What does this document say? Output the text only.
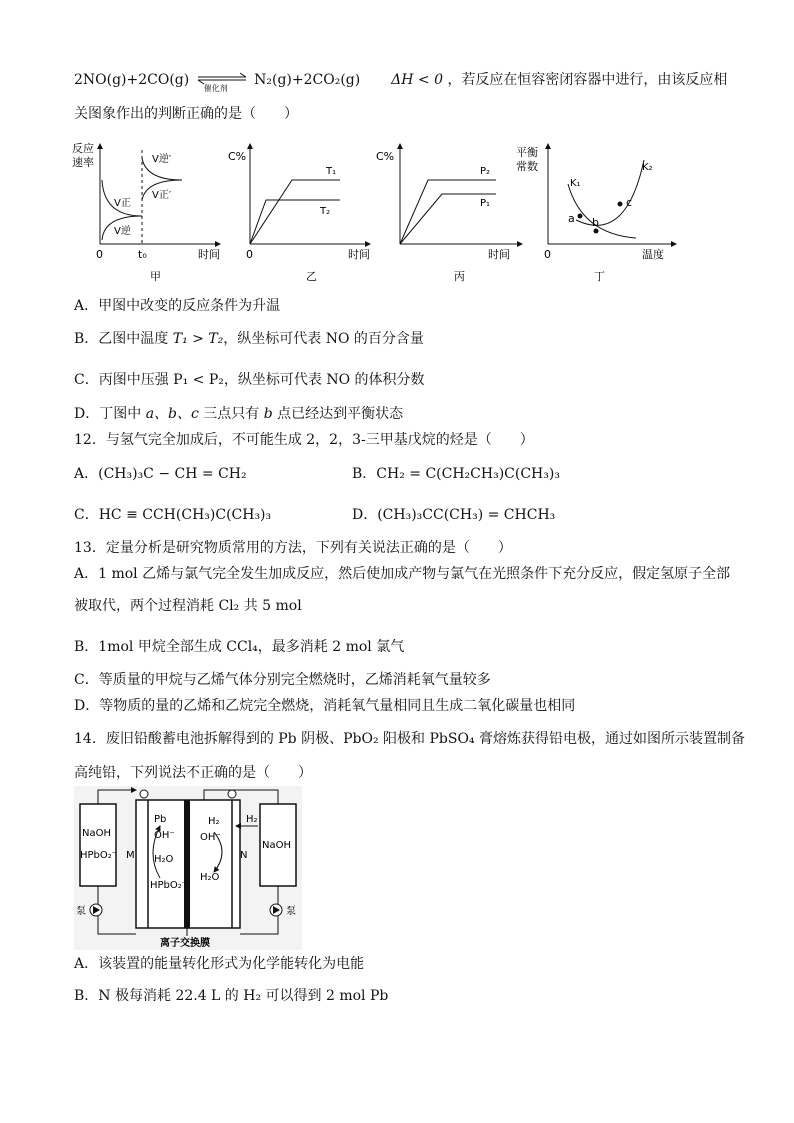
2NO(g)+2CO(g)
催化剂
N₂(g)+2CO₂(g) ΔH < 0 ，若反应在恒容密闭容器中进行，由该反应相
关图象作出的判断正确的是（　　）
反应
速率
0	t₀	时间
甲
V正
V逆
V逆′
V正′
C%
0	时间
乙
T₁
T₂
C%
时间
丙
P₂
P₁
平衡
常数
0	温度
丁
K₁
K₂
a b
c
A．甲图中改变的反应条件为升温
B．乙图中温度 T₁ > T₂，纵坐标可代表 NO 的百分含量
C．丙图中压强 P₁ < P₂，纵坐标可代表 NO 的体积分数
D．丁图中 a、b、c 三点只有 b 点已经达到平衡状态
12．与氢气完全加成后，不可能生成 2，2，3-三甲基戊烷的烃是（　　）
A．(CH₃)₃C − CH = CH₂	B．CH₂ = C(CH₂CH₃)C(CH₃)₃
C．HC ≡ CCH(CH₃)C(CH₃)₃	D．(CH₃)₃CC(CH₃) = CHCH₃
13．定量分析是研究物质常用的方法，下列有关说法正确的是（　　）
A．1 mol 乙烯与氯气完全发生加成反应，然后使加成产物与氯气在光照条件下充分反应，假定氢原子全部
被取代，两个过程消耗 Cl₂ 共 5 mol
B．1mol 甲烷全部生成 CCl₄，最多消耗 2 mol 氯气
C．等质量的甲烷与乙烯气体分别完全燃烧时，乙烯消耗氧气量较多
D．等物质的量的乙烯和乙烷完全燃烧，消耗氧气量相同且生成二氧化碳量也相同
14．废旧铅酸蓄电池拆解得到的 Pb 阴极、PbO₂ 阳极和 PbSO₄ 膏熔炼获得铅电极，通过如图所示装置制备
高纯铅，下列说法不正确的是（　　）
NaOH
HPbO₂⁻
NaOH
泵	泵
M
Pb
OH⁻
H₂O
HPbO₂⁻
H₂
OH⁻
H₂O
N
H₂
离子交换膜
A．该装置的能量转化形式为化学能转化为电能
B．N 极每消耗 22.4 L 的 H₂ 可以得到 2 mol Pb
